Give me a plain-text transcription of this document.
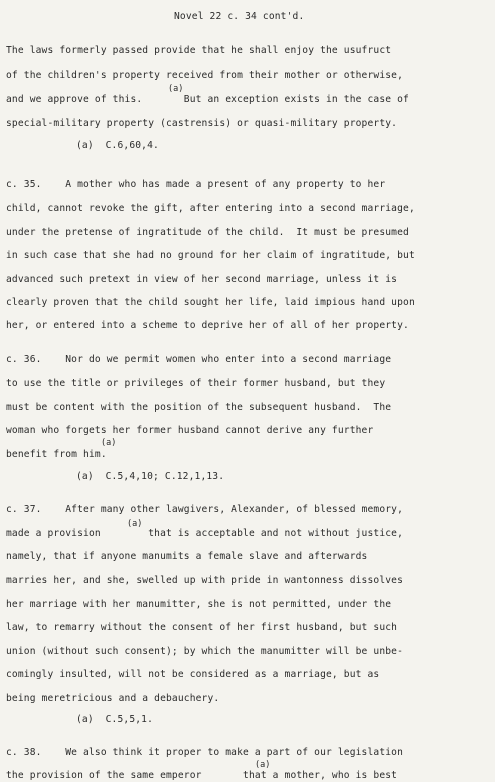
Novel 22 c. 34 cont'd.
The laws formerly passed provide that he shall enjoy the usufruct
of the children's property received from their mother or otherwise,
(a)
and we approve of this.       But an exception exists in the case of
special-military property (castrensis) or quasi-military property.
(a)  C.6,60,4.
c. 35.    A mother who has made a present of any property to her
child, cannot revoke the gift, after entering into a second marriage,
under the pretense of ingratitude of the child.  It must be presumed
in such case that she had no ground for her claim of ingratitude, but
advanced such pretext in view of her second marriage, unless it is
clearly proven that the child sought her life, laid impious hand upon
her, or entered into a scheme to deprive her of all of her property.
c. 36.    Nor do we permit women who enter into a second marriage
to use the title or privileges of their former husband, but they
must be content with the position of the subsequent husband.  The
woman who forgets her former husband cannot derive any further
(a)
benefit from him.
(a)  C.5,4,10; C.12,1,13.
c. 37.    After many other lawgivers, Alexander, of blessed memory,
(a)
made a provision        that is acceptable and not without justice,
namely, that if anyone manumits a female slave and afterwards
marries her, and she, swelled up with pride in wantonness dissolves
her marriage with her manumitter, she is not permitted, under the
law, to remarry without the consent of her first husband, but such
union (without such consent); by which the manumitter will be unbe-
comingly insulted, will not be considered as a marriage, but as
being meretricious and a debauchery.
(a)  C.5,5,1.
c. 38.    We also think it proper to make a part of our legislation
(a)
the provision of the same emperor       that a mother, who is best
